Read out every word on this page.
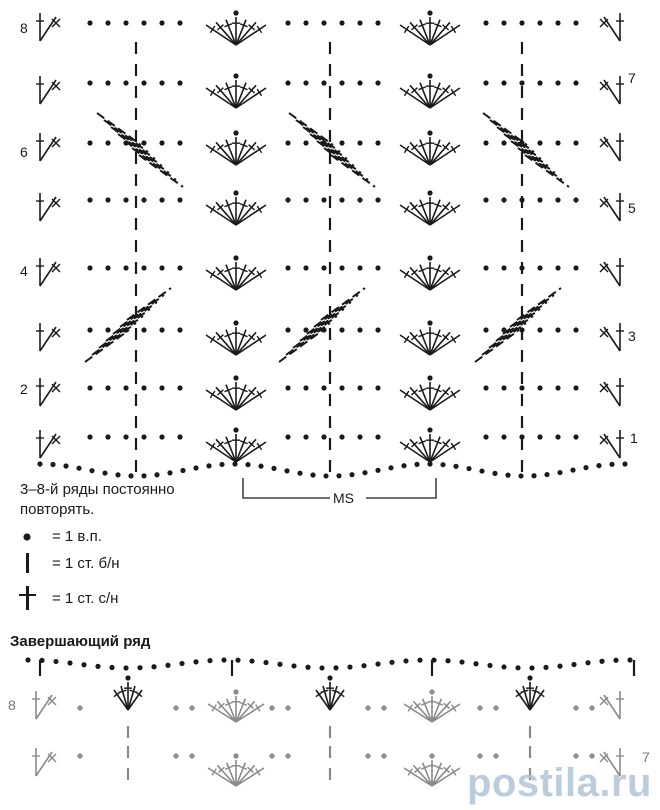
8
6
4
2
7
5
3
1
MS
8
7
3–8-й ряды постоянно повторять.
= 1 в.п.
= 1 ст. б/н
= 1 ст. с/н
Завершающий ряд
postila.ru
